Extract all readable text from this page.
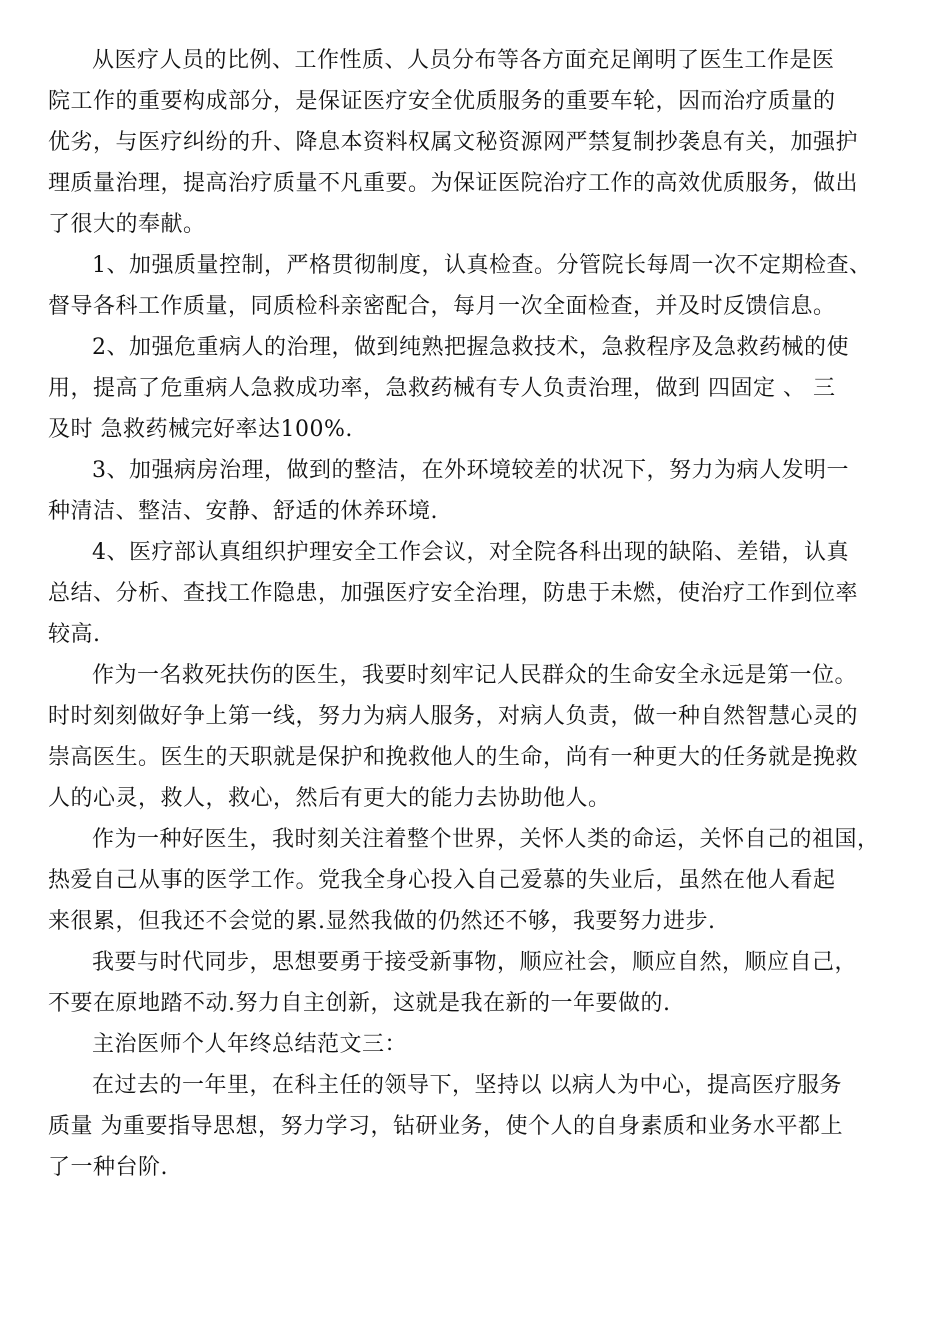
从医疗人员的比例、工作性质、人员分布等各方面充足阐明了医生工作是医
院工作的重要构成部分，是保证医疗安全优质服务的重要车轮，因而治疗质量的
优劣，与医疗纠纷的升、降息本资料权属文秘资源网严禁复制抄袭息有关，加强护
理质量治理，提高治疗质量不凡重要。为保证医院治疗工作的高效优质服务，做出
了很大的奉献。
1、加强质量控制，严格贯彻制度，认真检查。分管院长每周一次不定期检查、
督导各科工作质量，同质检科亲密配合，每月一次全面检查，并及时反馈信息。
2、加强危重病人的治理，做到纯熟把握急救技术，急救程序及急救药械的使
用，提高了危重病人急救成功率，急救药械有专人负责治理，做到 四固定 、 三
及时 急救药械完好率达100%.
3、加强病房治理，做到的整洁，在外环境较差的状况下，努力为病人发明一
种清洁、整洁、安静、舒适的休养环境.
4、医疗部认真组织护理安全工作会议，对全院各科出现的缺陷、差错，认真
总结、分析、查找工作隐患，加强医疗安全治理，防患于未燃，使治疗工作到位率
较高.
作为一名救死扶伤的医生，我要时刻牢记人民群众的生命安全永远是第一位。
时时刻刻做好争上第一线，努力为病人服务，对病人负责，做一种自然智慧心灵的
崇高医生。医生的天职就是保护和挽救他人的生命，尚有一种更大的任务就是挽救
人的心灵，救人，救心，然后有更大的能力去协助他人。
作为一种好医生，我时刻关注着整个世界，关怀人类的命运，关怀自己的祖国，
热爱自己从事的医学工作。党我全身心投入自己爱慕的失业后，虽然在他人看起
来很累，但我还不会觉的累.显然我做的仍然还不够，我要努力进步.
我要与时代同步，思想要勇于接受新事物，顺应社会，顺应自然，顺应自己，
不要在原地踏不动.努力自主创新，这就是我在新的一年要做的.
主治医师个人年终总结范文三：
在过去的一年里，在科主任的领导下，坚持以 以病人为中心，提高医疗服务
质量 为重要指导思想，努力学习，钻研业务，使个人的自身素质和业务水平都上
了一种台阶.
